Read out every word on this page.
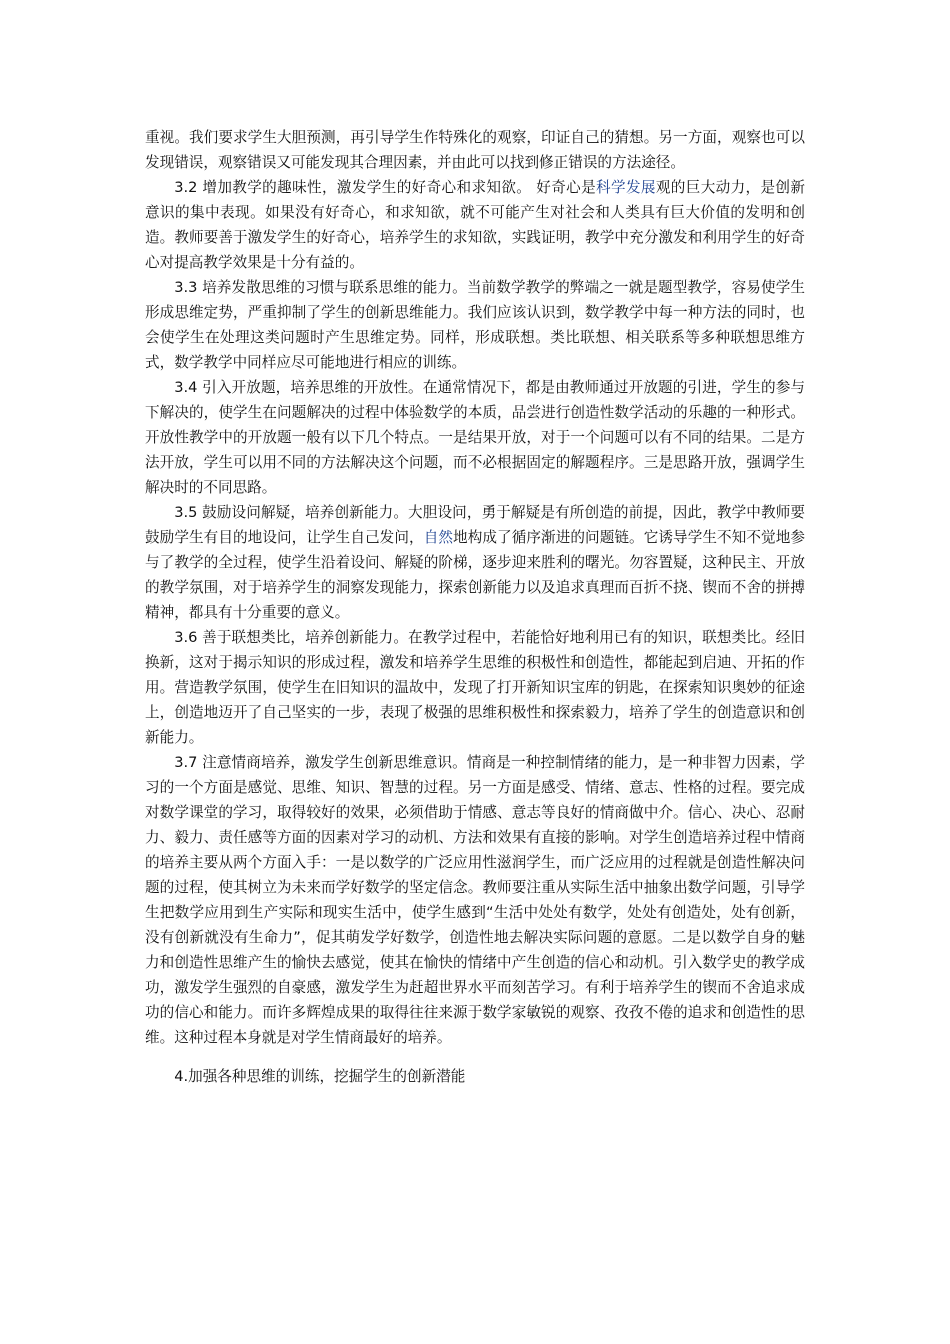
重视。我们要求学生大胆预测，再引导学生作特殊化的观察，印证自己的猜想。另一方面，观察也可以发现错误，观察错误又可能发现其合理因素，并由此可以找到修正错误的方法途径。

3.2 增加教学的趣味性，激发学生的好奇心和求知欲。 好奇心是科学发展观的巨大动力，是创新意识的集中表现。如果没有好奇心，和求知欲，就不可能产生对社会和人类具有巨大价值的发明和创造。教师要善于激发学生的好奇心，培养学生的求知欲，实践证明，教学中充分激发和利用学生的好奇心对提高教学效果是十分有益的。

3.3 培养发散思维的习惯与联系思维的能力。当前数学教学的弊端之一就是题型教学，容易使学生形成思维定势，严重抑制了学生的创新思维能力。我们应该认识到，数学教学中每一种方法的同时，也会使学生在处理这类问题时产生思维定势。同样，形成联想。类比联想、相关联系等多种联想思维方式，数学教学中同样应尽可能地进行相应的训练。

3.4 引入开放题，培养思维的开放性。在通常情况下，都是由教师通过开放题的引进，学生的参与下解决的，使学生在问题解决的过程中体验数学的本质，品尝进行创造性数学活动的乐趣的一种形式。开放性教学中的开放题一般有以下几个特点。一是结果开放，对于一个问题可以有不同的结果。二是方法开放，学生可以用不同的方法解决这个问题，而不必根据固定的解题程序。三是思路开放，强调学生解决时的不同思路。

3.5 鼓励设问解疑，培养创新能力。大胆设问，勇于解疑是有所创造的前提，因此，教学中教师要鼓励学生有目的地设问，让学生自己发问，自然地构成了循序渐进的问题链。它诱导学生不知不觉地参与了教学的全过程，使学生沿着设问、解疑的阶梯，逐步迎来胜利的曙光。勿容置疑，这种民主、开放的教学氛围，对于培养学生的洞察发现能力，探索创新能力以及追求真理而百折不挠、锲而不舍的拼搏精神，都具有十分重要的意义。

3.6 善于联想类比，培养创新能力。在教学过程中，若能恰好地利用已有的知识，联想类比。经旧换新，这对于揭示知识的形成过程，激发和培养学生思维的积极性和创造性，都能起到启迪、开拓的作用。营造教学氛围，使学生在旧知识的温故中，发现了打开新知识宝库的钥匙，在探索知识奥妙的征途上，创造地迈开了自己坚实的一步，表现了极强的思维积极性和探索毅力，培养了学生的创造意识和创新能力。

3.7 注意情商培养，激发学生创新思维意识。情商是一种控制情绪的能力，是一种非智力因素，学习的一个方面是感觉、思维、知识、智慧的过程。另一方面是感受、情绪、意志、性格的过程。要完成对数学课堂的学习，取得较好的效果，必须借助于情感、意志等良好的情商做中介。信心、决心、忍耐力、毅力、责任感等方面的因素对学习的动机、方法和效果有直接的影响。对学生创造培养过程中情商的培养主要从两个方面入手：一是以数学的广泛应用性滋润学生，而广泛应用的过程就是创造性解决问题的过程，使其树立为未来而学好数学的坚定信念。教师要注重从实际生活中抽象出数学问题，引导学生把数学应用到生产实际和现实生活中，使学生感到“生活中处处有数学，处处有创造处，处有创新，没有创新就没有生命力”，促其萌发学好数学，创造性地去解决实际问题的意愿。二是以数学自身的魅力和创造性思维产生的愉快去感觉，使其在愉快的情绪中产生创造的信心和动机。引入数学史的教学成功，激发学生强烈的自豪感，激发学生为赶超世界水平而刻苦学习。有利于培养学生的锲而不舍追求成功的信心和能力。而许多辉煌成果的取得往往来源于数学家敏锐的观察、孜孜不倦的追求和创造性的思维。这种过程本身就是对学生情商最好的培养。

4.加强各种思维的训练，挖掘学生的创新潜能
